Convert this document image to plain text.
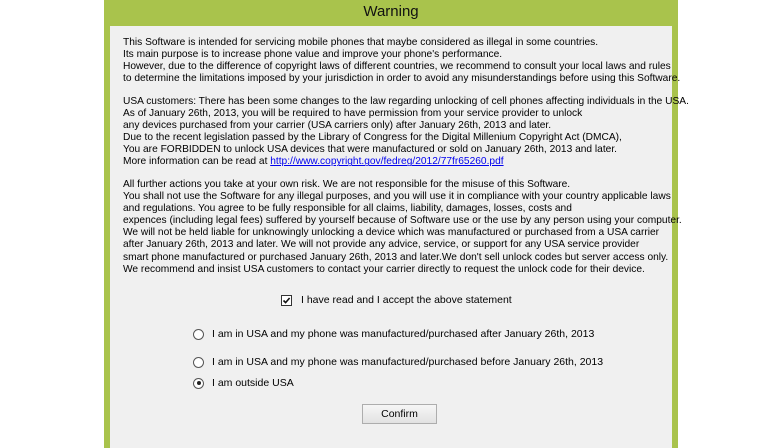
Warning
This Software is intended for servicing mobile phones that maybe considered as illegal in some countries.
Its main purpose is to increase phone value and improve your phone's performance.
However, due to the difference of copyright laws of different countries, we recommend to consult your local laws and rules
to determine the limitations imposed by your jurisdiction in order to avoid any misunderstandings before using this Software.
USA customers: There has been some changes to the law regarding unlocking of cell phones affecting individuals in the USA.
As of January 26th, 2013, you will be required to have permission from your service provider to unlock
any devices purchased from your carrier (USA carriers only) after January 26th, 2013 and later.
Due to the recent legislation passed by the Library of Congress for the Digital Millenium Copyright Act (DMCA),
You are FORBIDDEN to unlock USA devices that were manufactured or sold on January 26th, 2013 and later.
More information can be read at http://www.copyright.gov/fedreg/2012/77fr65260.pdf
All further actions you take at your own risk. We are not responsible for the misuse of this Software.
You shall not use the Software for any illegal purposes, and you will use it in compliance with your country applicable laws
and regulations. You agree to be fully responsible for all claims, liability, damages, losses, costs and
expences (including legal fees) suffered by yourself because of Software use or the use by any person using your computer.
We will not be held liable for unknowingly unlocking a device which was manufactured or purchased from a USA carrier
after January 26th, 2013 and later. We will not provide any advice, service, or support for any USA service provider
smart phone manufactured or purchased January 26th, 2013 and later.We don't sell unlock codes but server access only.
We recommend and insist USA customers to contact your carrier directly to request the unlock code for their device.
I have read and I accept the above statement
I am in USA and my phone was manufactured/purchased after January 26th, 2013
I am in USA and my phone was manufactured/purchased before January 26th, 2013
I am outside USA
Confirm
